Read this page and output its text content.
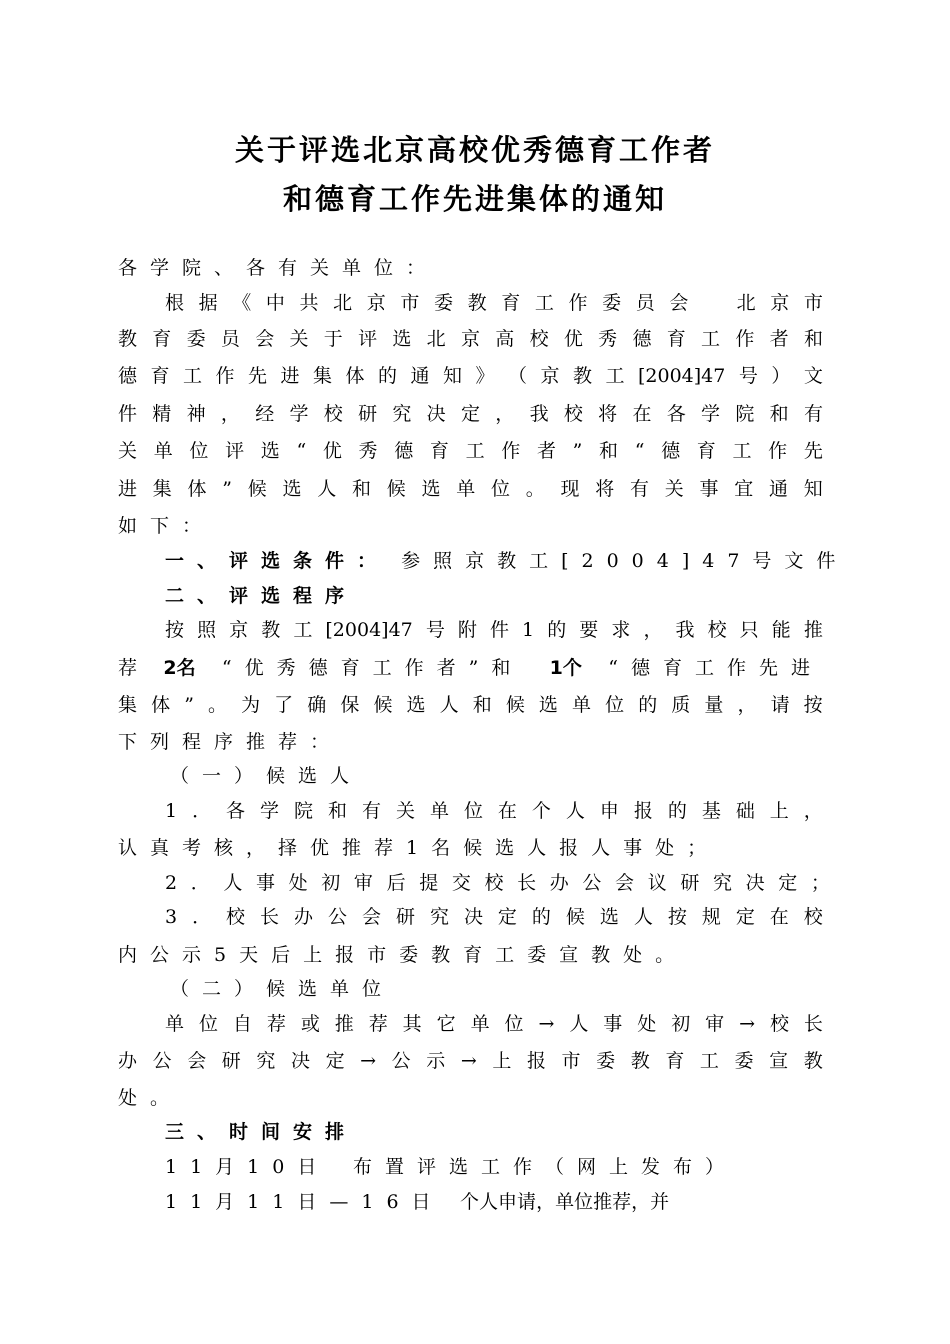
关于评选北京高校优秀德育工作者
和德育工作先进集体的通知
各学院、各有关单位：
根 据 《 中 共 北 京 市 委 教 育 工 作 委 员 会
　	北 京 市
教 育 委 员 会 关 于 评 选 北 京 高 校 优 秀 德 育 工 作 者 和
德 育 工 作 先 进 集 体 的 通 知 》 （ 京 教 工 [2004]47 号 ） 文
件 精 神 ， 经 学 校 研 究 决 定 ， 我 校 将 在 各 学 院 和 有
关 单 位 评 选 “ 优 秀 德 育 工 作 者 ” 和 “ 德 育 工 作 先
进 集 体 ” 候 选 人 和 候 选 单 位 。 现 将 有 关 事 宜 通 知
如下：
一、评选条件： 参照京教工[2004]47号文件
二、评选程序
按 照 京 教 工 [2004]47 号 附 件 1 的 要 求 ， 我 校 只 能 推
荐 2名 “优秀德育工作者”和 1个 “德育工作先进
集 体 ” 。 为 了 确 保 候 选 人 和 候 选 单 位 的 质 量 ， 请 按
下列程序推荐：
（一）候选人
1 ． 各 学 院 和 有 关 单 位 在 个 人 申 报 的 基 础 上 ，
认真考核，择优推荐1名候选人报人事处；
2 ． 人 事 处 初 审 后 提 交 校 长 办 公 会 议 研 究 决 定 ；
3 ． 校 长 办 公 会 研 究 决 定 的 候 选 人 按 规 定 在 校
内公示5天后上报市委教育工委宣教处。
（二）候选单位
单 位 自 荐 或 推 荐 其 它 单 位 → 人 事 处 初 审 → 校 长
办 公 会 研 究 决 定 → 公 示 → 上 报 市 委 教 育 工 委 宣 教
处。
三、时间安排
11月10日 布置评选工作（网上发布）
11月11日—16日 个人申请，单位推荐，并
